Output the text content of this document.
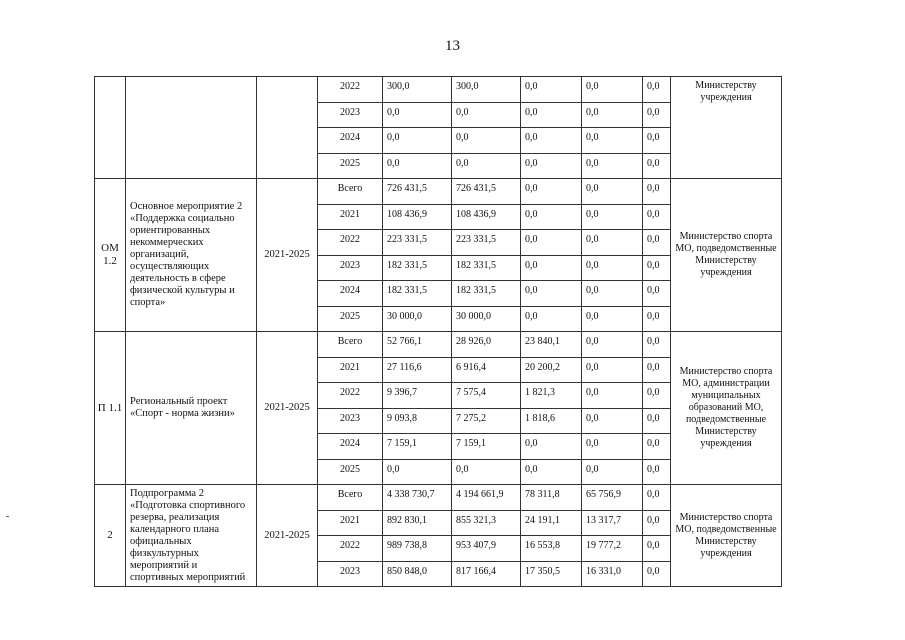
13
			2022	300,0	300,0	0,0	0,0	0,0	Министерству учреждения
			2023	0,0	0,0	0,0	0,0	0,0	
			2024	0,0	0,0	0,0	0,0	0,0	
			2025	0,0	0,0	0,0	0,0	0,0	
ОМ 1.2	Основное мероприятие 2 «Поддержка социально ориентированных некоммерческих организаций, осуществляющих деятельность в сфере физической культуры и спорта»	2021-2025	Всего	726 431,5	726 431,5	0,0	0,0	0,0	Министерство спорта МО, подведомственные Министерству учреждения
			2021	108 436,9	108 436,9	0,0	0,0	0,0	
			2022	223 331,5	223 331,5	0,0	0,0	0,0	
			2023	182 331,5	182 331,5	0,0	0,0	0,0	
			2024	182 331,5	182 331,5	0,0	0,0	0,0	
			2025	30 000,0	30 000,0	0,0	0,0	0,0	
П 1.1	Региональный проект «Спорт - норма жизни»	2021-2025	Всего	52 766,1	28 926,0	23 840,1	0,0	0,0	Министерство спорта МО, администрации муниципальных образований МО, подведомственные Министерству учреждения
			2021	27 116,6	6 916,4	20 200,2	0,0	0,0	
			2022	9 396,7	7 575,4	1 821,3	0,0	0,0	
			2023	9 093,8	7 275,2	1 818,6	0,0	0,0	
			2024	7 159,1	7 159,1	0,0	0,0	0,0	
			2025	0,0	0,0	0,0	0,0	0,0	
2	Подпрограмма 2 «Подготовка спортивного резерва, реализация календарного плана официальных физкультурных мероприятий и спортивных мероприятий	2021-2025	Всего	4 338 730,7	4 194 661,9	78 311,8	65 756,9	0,0	Министерство спорта МО, подведомственные Министерству учреждения
			2021	892 830,1	855 321,3	24 191,1	13 317,7	0,0	
			2022	989 738,8	953 407,9	16 553,8	19 777,2	0,0	
			2023	850 848,0	817 166,4	17 350,5	16 331,0	0,0	
